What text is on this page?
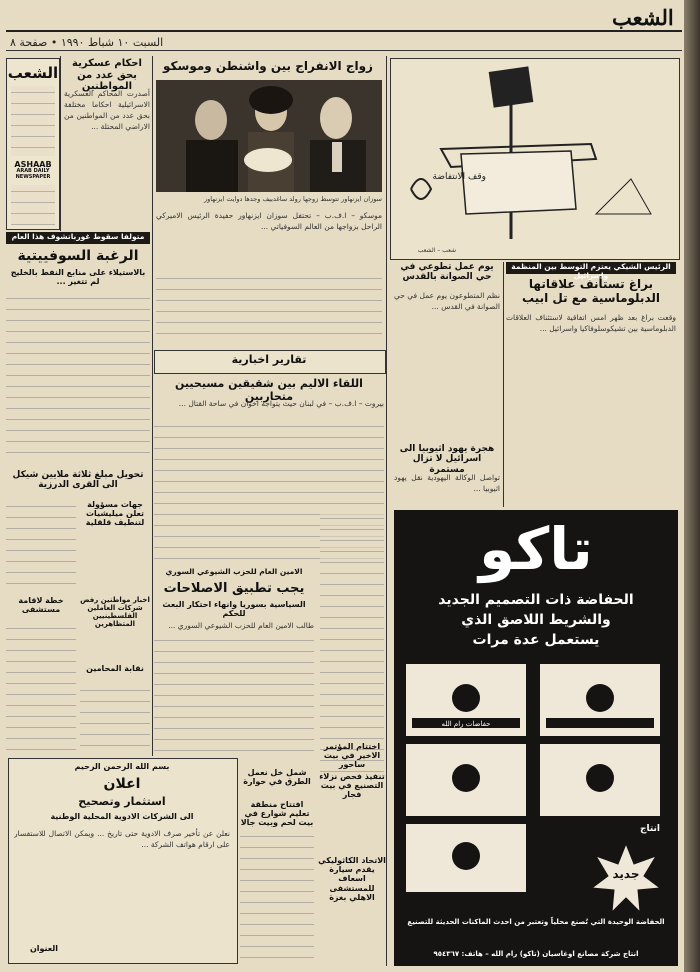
الشعب
السبت ١٠ شباط ١٩٩٠ • صفحة ٨
الشعب
ASHAAB
ARAB DAILY NEWSPAPER
احكام عسكرية بحق عدد من المواطنين
أصدرت المحاكم العسكرية الاسرائيلية احكاما مختلفة بحق عدد من المواطنين من الاراضي المحتلة ...
زواج الانفراج بين واشنطن وموسكو
سوزان ايزنهاور تتوسط زوجها رولد ساغدييف وجدها دوايت ايزنهاور
موسكو – ا.ف.ب – تحتفل سوزان ايزنهاور حفيدة الرئيس الاميركي الراحل بزواجها من العالم السوفياتي ...
وقف الانتفاضة
شعب – الشعب
الرئيس الشيكي يعتزم التوسط بين المنظمة واسرائيل
براغ تستأنف علاقاتها الدبلوماسية مع تل ابيب
وقعت براغ بعد ظهر امس اتفاقية لاستئناف العلاقات الدبلوماسية بين تشيكوسلوفاكيا واسرائيل ...
يوم عمل تطوعي في حي الصوانة بالقدس
نظم المتطوعون يوم عمل في حي الصوانة في القدس ...
هجرة يهود اثيوبيا الى اسرائيل لا تزال مستمرة
تواصل الوكالة اليهودية نقل يهود اثيوبيا ...
متولفا سقوط غورباتشوف هذا العام
الرغبة السوفييتية
بالاستيلاء على منابع النفط بالخليج لم تتغير ...
تقارير اخبارية
اللقاء الاليم بين شقيقين مسيحيين متحاربين
بيروت – ا.ف.ب – في لبنان حيث يتواجه اخوان في ساحة القتال ...
تنفيذ فحص نزلاء التصنيع في بيت فجار
الاتحاد الكاثوليكي يقدم سيارة اسعاف للمستشفى الاهلي بغزة
اختتام المؤتمر الاخير في بيت ساحور
الامين العام للحزب الشيوعي السوري
يجب تطبيق الاصلاحات
السياسية بسوريا وانهاء احتكار البعث للحكم
طالب الامين العام للحزب الشيوعي السوري ...
شمل خل نعمل الطرق في حوارة
افتتاح منطقة تعليم شوارع في بيت لحم وبيت جالا
تحويل مبلغ ثلاثة ملايين شيكل الى القرى الدرزية
جهات مسؤولة تعلن ميليشيات لتنطيف قلقلية
خطة لاقامة مستشفى
اخبار مواطنين رفض شركات العاملين الفلسطينيين المتظاهرين
نقابة المحامين
بسم الله الرحمن الرحيم
اعلان
استثمار وتصحيح
الى الشركات الادوية المحلية الوطنية
نعلن عن تأخير صرف الادوية حتى تاريخ ... ويمكن الاتصال للاستفسار على ارقام هواتف الشركة ...
العنوان
تاكو
الحفاضة ذات التصميم الجديد
والشريط اللاصق الذي
يستعمل عدة مرات
حفاضات رام الله
جديد
انتاج
الحفاضة الوحيدة التي تُصنع محلياً وتعتبر من احدث الماكنات الحديثة للتصنيع
انتاج شركة مصانع اوغاسيان (تاكو) رام الله – هاتف: ٩٥٤٣٦٧
